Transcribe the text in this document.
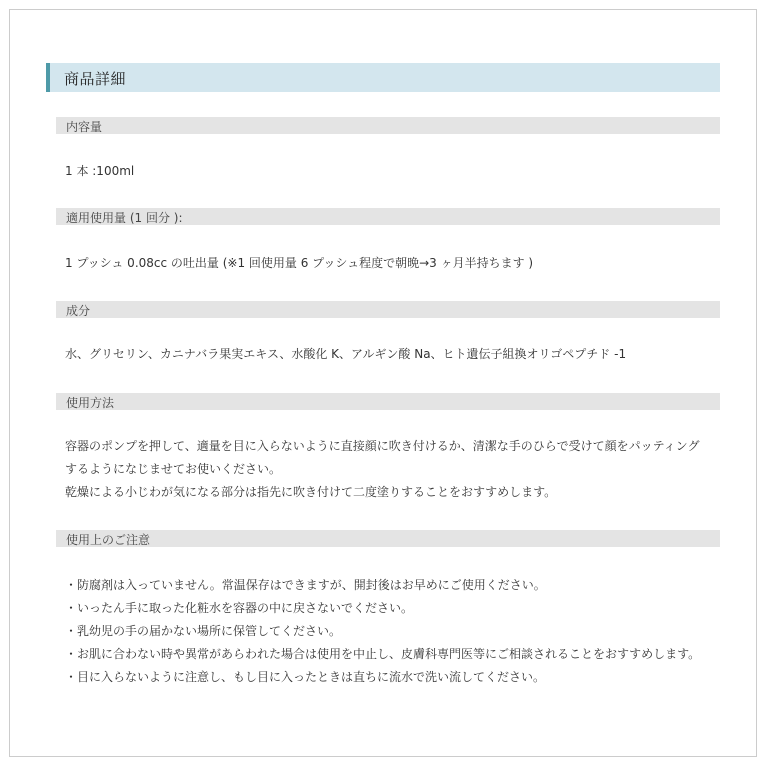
商品詳細
内容量
1 本 :100ml
適用使用量 (1 回分 ):
1 プッシュ 0.08cc の吐出量 (※1 回使用量 6 プッシュ程度で朝晩→3 ヶ月半持ちます )
成分
水、グリセリン、カニナバラ果実エキス、水酸化 K、アルギン酸 Na、ヒト遺伝子組換オリゴペプチド -1
使用方法
容器のポンプを押して、適量を目に入らないように直接顔に吹き付けるか、清潔な手のひらで受けて顔をパッティング
するようになじませてお使いください。
乾燥による小じわが気になる部分は指先に吹き付けて二度塗りすることをおすすめします。
使用上のご注意
・防腐剤は入っていません。常温保存はできますが、開封後はお早めにご使用ください。
・いったん手に取った化粧水を容器の中に戻さないでください。
・乳幼児の手の届かない場所に保管してください。
・お肌に合わない時や異常があらわれた場合は使用を中止し、皮膚科専門医等にご相談されることをおすすめします。
・目に入らないように注意し、もし目に入ったときは直ちに流水で洗い流してください。
